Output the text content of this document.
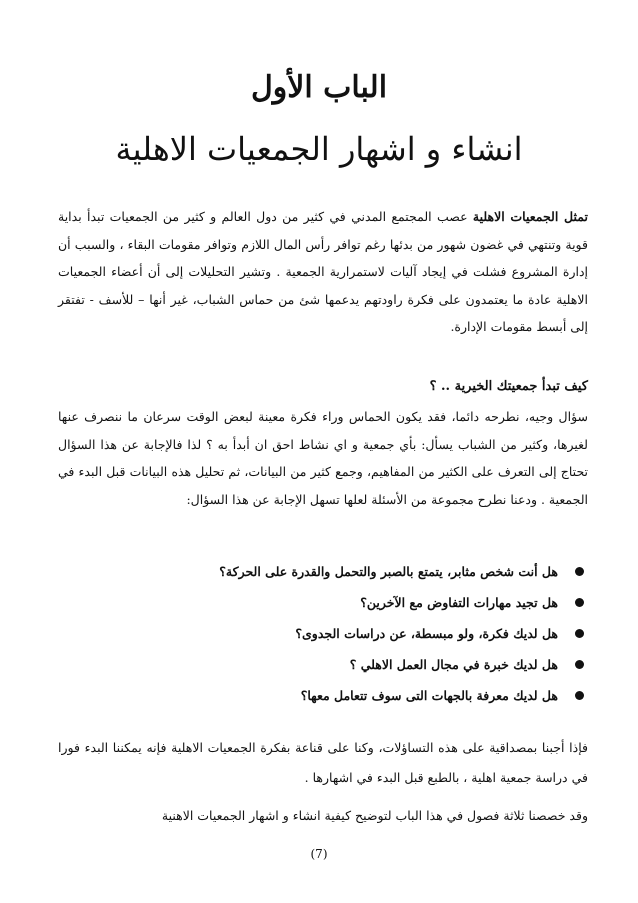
الباب الأول
انشاء و اشهار الجمعيات الاهلية

تمثل الجمعيات الاهلية عصب المجتمع المدني في كثير من دول العالم و كثير من الجمعيات تبدأ بداية قوية وتنتهي في غضون شهور من بدئها رغم توافر رأس المال اللازم وتوافر مقومات البقاء ، والسبب أن إدارة المشروع فشلت في إيجاد آليات لاستمرارية الجمعية . وتشير التحليلات إلى أن أعضاء الجمعيات الاهلية عادة ما يعتمدون على فكرة راودتهم يدعمها شئ من حماس الشباب، غير أنها – للأسف - تفتقر إلى أبسط مقومات الإدارة.

كيف تبدأ جمعيتك الخيرية .. ؟

سؤال وجيه، نطرحه دائما، فقد يكون الحماس وراء فكرة معينة لبعض الوقت سرعان ما ننصرف عنها لغيرها، وكثير من الشباب يسأل: بأي جمعية و اي نشاط احق ان أبدأ به ؟ لذا فالإجابة عن هذا السؤال تحتاج إلى التعرف على الكثير من المفاهيم، وجمع كثير من البيانات، ثم تحليل هذه البيانات قبل البدء في الجمعية . ودعنا نطرح مجموعة من الأسئلة لعلها تسهل الإجابة عن هذا السؤال:

هل أنت شخص مثابر، يتمتع بالصبر والتحمل والقدرة على الحركة؟
هل تجيد مهارات التفاوض مع الآخرين؟
هل لديك فكرة، ولو مبسطة، عن دراسات الجدوى؟
هل لديك خبرة في مجال العمل الاهلي ؟
هل لديك معرفة بالجهات التى سوف تتعامل معها؟

فإذا أجبنا بمصداقية على هذه التساؤلات، وكنا على قناعة بفكرة الجمعيات الاهلية فإنه يمكننا البدء فورا في دراسة جمعية اهلية ، بالطبع قبل البدء في اشهارها .

وقد خصصنا ثلاثة فصول في هذا الباب لتوضيح كيفية انشاء و اشهار الجمعيات الاهنية

(7)
